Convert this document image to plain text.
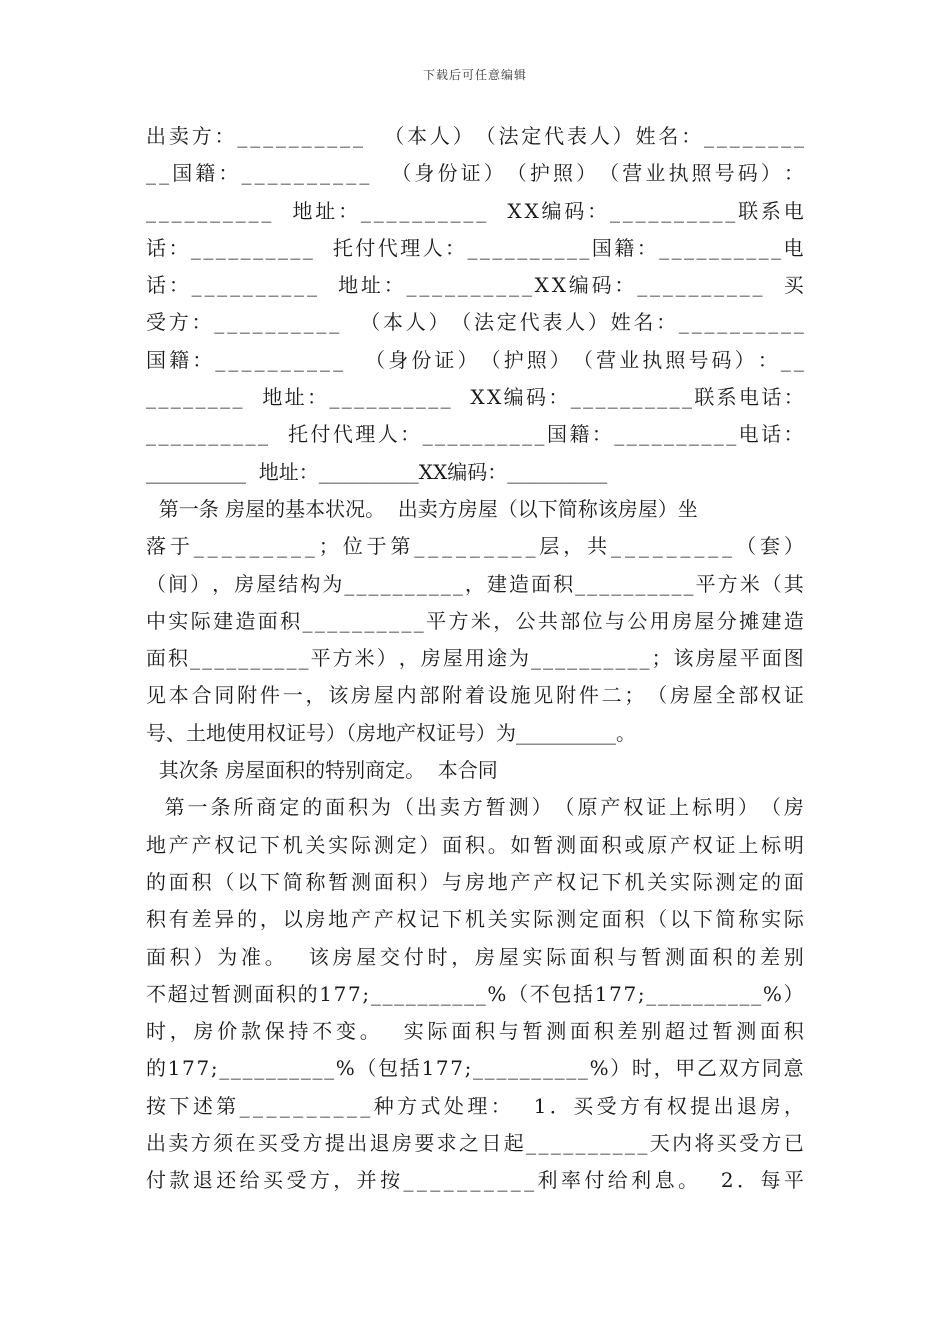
下载后可任意编辑
出 卖 方 ： _ _ _ _ _ _ _ _ _ _

（ 本 人 ） （ 法 定 代 表 人 ） 姓 名 ： _ _ _ _ _ _ _ _
_ _ 国 籍 ： _ _ _ _ _ _ _ _ _ _

（ 身 份 证 ） （ 护 照 ） （ 营 业 执 照 号 码 ） ：
_ _ _ _ _ _ _ _ _ _

地 址 ： _ _ _ _ _ _ _ _ _ _

X X 编 码 ： _ _ _ _ _ _ _ _ _ _ 联 系 电
话 ： _ _ _ _ _ _ _ _ _ _

托 付 代 理 人 ： _ _ _ _ _ _ _ _ _ _ 国 籍 ： _ _ _ _ _ _ _ _ _ _ 电
话 ： _ _ _ _ _ _ _ _ _ _

地 址 ： _ _ _ _ _ _ _ _ _ _ X X 编 码 ： _ _ _ _ _ _ _ _ _ _

买
受 方 ： _ _ _ _ _ _ _ _ _ _

（ 本 人 ） （ 法 定 代 表 人 ） 姓 名 ： _ _ _ _ _ _ _ _ _ _
国 籍 ： _ _ _ _ _ _ _ _ _ _

（ 身 份 证 ） （ 护 照 ） （ 营 业 执 照 号 码 ） ： _ _
_ _ _ _ _ _ _ _

地 址 ： _ _ _ _ _ _ _ _ _ _

X X 编 码 ： _ _ _ _ _ _ _ _ _ _ 联 系 电 话 ：
_ _ _ _ _ _ _ _ _ _

托 付 代 理 人 ： _ _ _ _ _ _ _ _ _ _ 国 籍 ： _ _ _ _ _ _ _ _ _ _ 电 话 ：
__________  地址：__________XX编码：__________
第一条 房屋的基本状况。  出卖方房屋（以下简称该房屋）坐
落 于 _ _ _ _ _ _ _ _ _ ； 位 于 第 _ _ _ _ _ _ _ _ _ 层 ， 共 _ _ _ _ _ _ _ _ _ （ 套 ）
（ 间 ） ， 房 屋 结 构 为 _ _ _ _ _ _ _ _ _ _ ， 建 造 面 积 _ _ _ _ _ _ _ _ _ _ 平 方 米 （ 其
中 实 际 建 造 面 积 _ _ _ _ _ _ _ _ _ _ 平 方 米 ， 公 共 部 位 与 公 用 房 屋 分 摊 建 造
面 积 _ _ _ _ _ _ _ _ _ _ 平 方 米 ） ， 房 屋 用 途 为 _ _ _ _ _ _ _ _ _ _ ； 该 房 屋 平 面 图
见 本 合 同 附 件 一 ， 该 房 屋 内 部 附 着 设 施 见 附 件 二 ； （ 房 屋 全 部 权 证
号、土地使用权证号）（房地产权证号）为__________。
其次条 房屋面积的特别商定。  本合同

第 一 条 所 商 定 的 面 积 为 （ 出 卖 方 暂 测 ） （ 原 产 权 证 上 标 明 ） （ 房
地 产 产 权 记 下 机 关 实 际 测 定 ） 面 积 。 如 暂 测 面 积 或 原 产 权 证 上 标 明
的 面 积 （ 以 下 简 称 暂 测 面 积 ） 与 房 地 产 产 权 记 下 机 关 实 际 测 定 的 面
积 有 差 异 的 ， 以 房 地 产 产 权 记 下 机 关 实 际 测 定 面 积 （ 以 下 简 称 实 际
面 积 ） 为 准 。

该 房 屋 交 付 时 ， 房 屋 实 际 面 积 与 暂 测 面 积 的 差 别
不 超 过 暂 测 面 积 的 1 7 7 ; _ _ _ _ _ _ _ _ _ _ % （ 不 包 括 1 7 7 ; _ _ _ _ _ _ _ _ _ _ % ）
时 ， 房 价 款 保 持 不 变 。

实 际 面 积 与 暂 测 面 积 差 别 超 过 暂 测 面 积
的 1 7 7 ; _ _ _ _ _ _ _ _ _ _ % （ 包 括 1 7 7 ; _ _ _ _ _ _ _ _ _ _ % ） 时 ， 甲 乙 双 方 同 意
按 下 述 第 _ _ _ _ _ _ _ _ _ _ 种 方 式 处 理 ：

1 ． 买 受 方 有 权 提 出 退 房 ，
出 卖 方 须 在 买 受 方 提 出 退 房 要 求 之 日 起 _ _ _ _ _ _ _ _ _ _ 天 内 将 买 受 方 已
付 款 退 还 给 买 受 方 ， 并 按 _ _ _ _ _ _ _ _ _ _ 利 率 付 给 利 息 。

2 ． 每 平
